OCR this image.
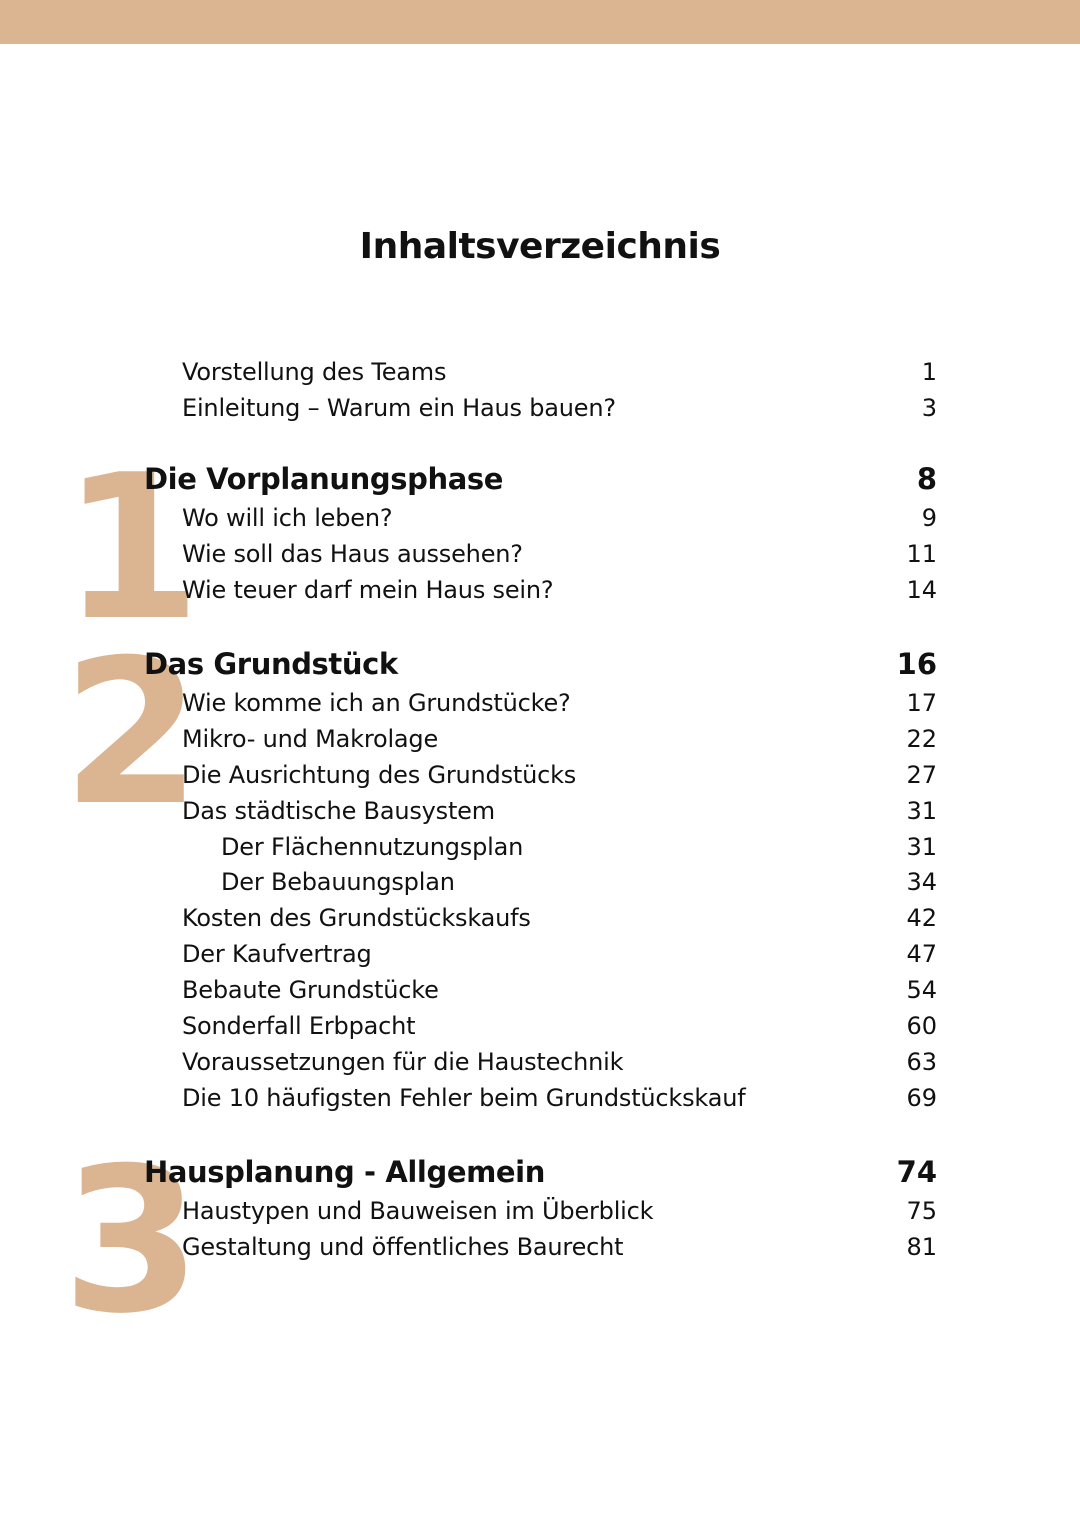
Inhaltsverzeichnis
Vorstellung des Teams	1
Einleitung – Warum ein Haus bauen?	3
1
Die Vorplanungsphase	8
Wo will ich leben?	9
Wie soll das Haus aussehen?	11
Wie teuer darf mein Haus sein?	14
2
Das Grundstück	16
Wie komme ich an Grundstücke?	17
Mikro- und Makrolage	22
Die Ausrichtung des Grundstücks	27
Das städtische Bausystem	31
Der Flächennutzungsplan	31
Der Bebauungsplan	34
Kosten des Grundstückskaufs	42
Der Kaufvertrag	47
Bebaute Grundstücke	54
Sonderfall Erbpacht	60
Voraussetzungen für die Haustechnik	63
Die 10 häufigsten Fehler beim Grundstückskauf	69
3
Hausplanung - Allgemein	74
Haustypen und Bauweisen im Überblick	75
Gestaltung und öffentliches Baurecht	81
